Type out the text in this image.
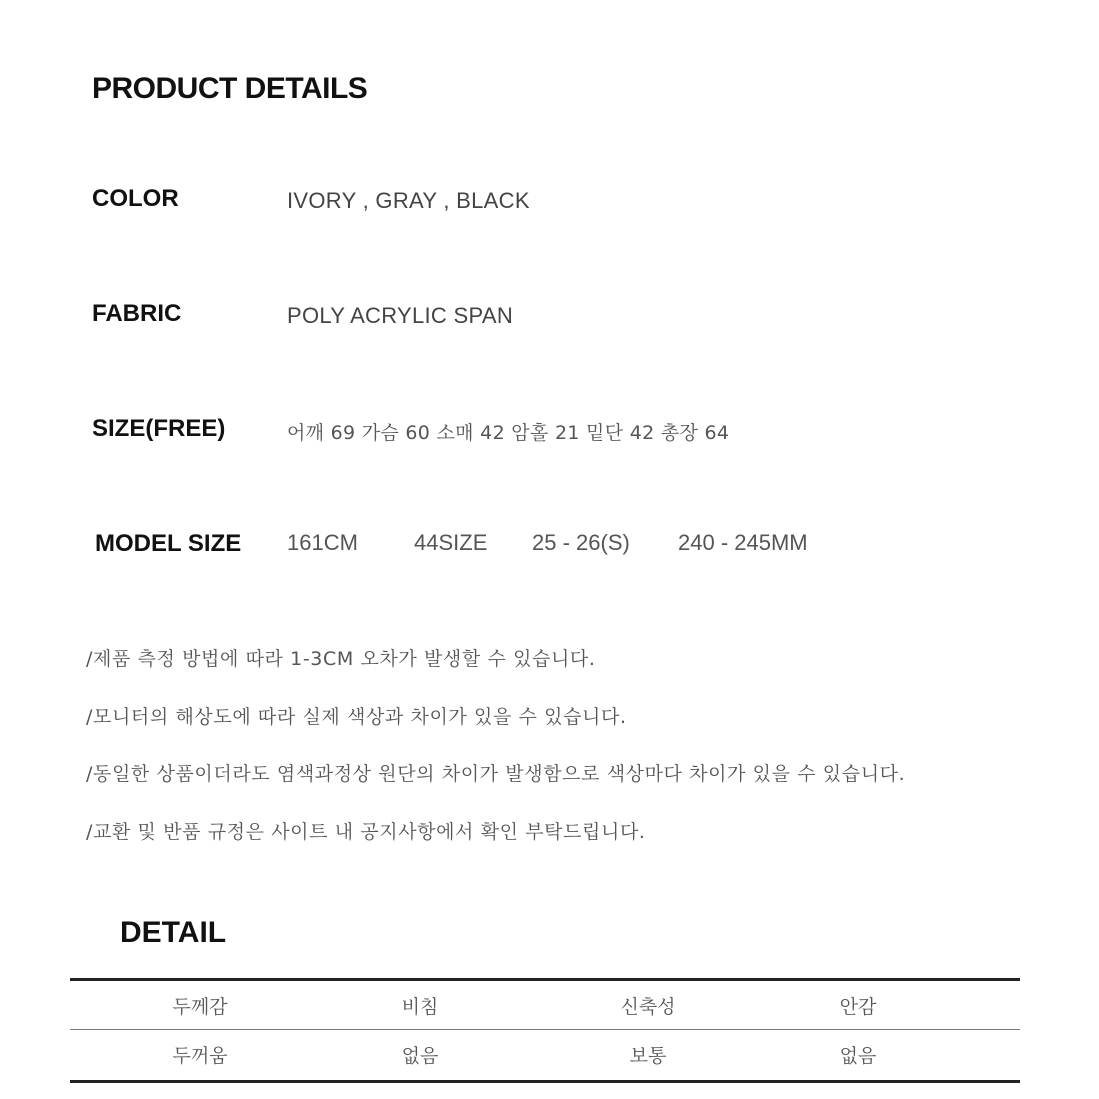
PRODUCT DETAILS
COLOR	IVORY , GRAY , BLACK
FABRIC	POLY ACRYLIC SPAN
SIZE(FREE)	어깨 69 가슴 60 소매 42 암홀 21 밑단 42 총장 64
MODEL SIZE 161CM	44SIZE 25 - 26(S) 240 - 245MM
/제품 측정 방법에 따라 1-3CM 오차가 발생할 수 있습니다.
/모니터의 해상도에 따라 실제 색상과 차이가 있을 수 있습니다.
/동일한 상품이더라도 염색과정상 원단의 차이가 발생함으로 색상마다 차이가 있을 수 있습니다.
/교환 및 반품 규정은 사이트 내 공지사항에서 확인 부탁드립니다.
DETAIL
두께감	비침	신축성	안감
두꺼움	없음	보통	없음
